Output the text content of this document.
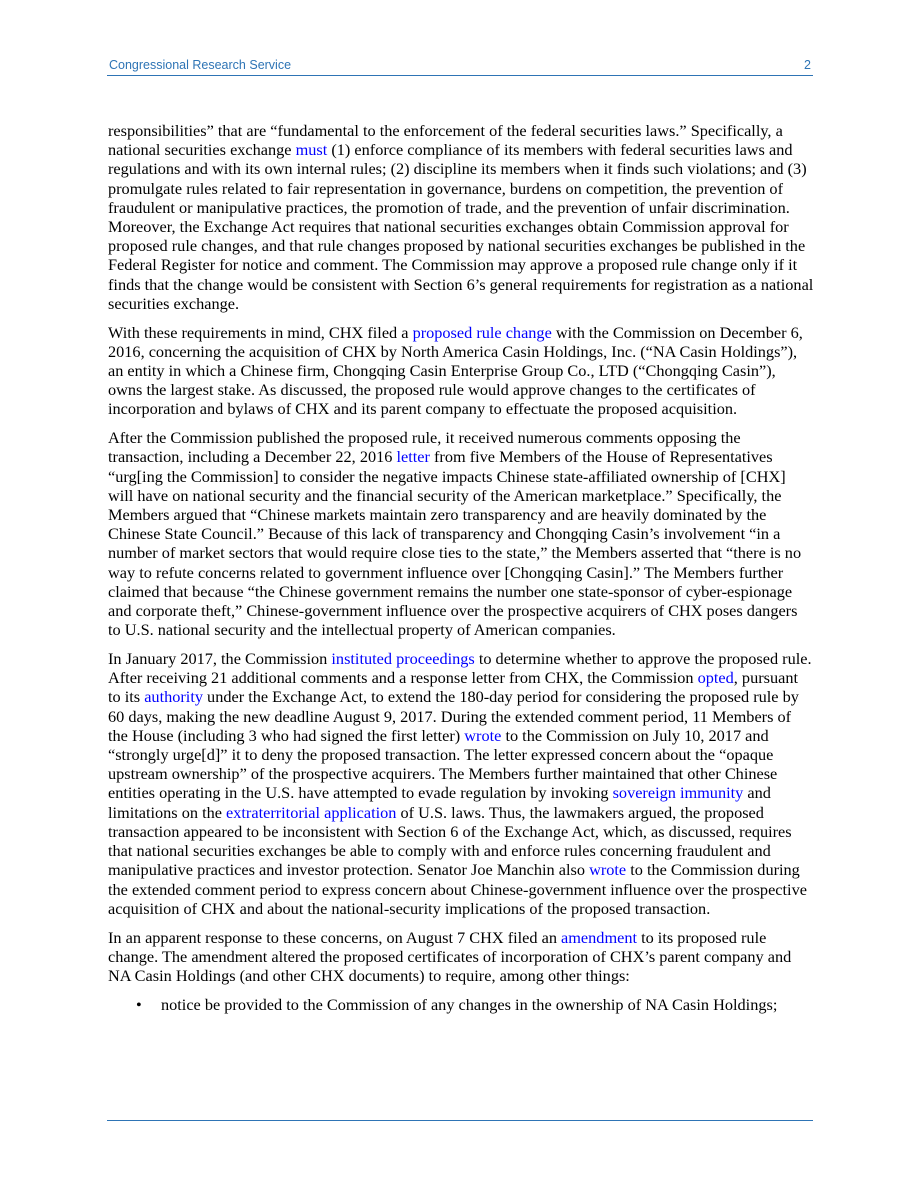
Congressional Research Service	2

responsibilities” that are “fundamental to the enforcement of the federal securities laws.” Specifically, a national securities exchange must (1) enforce compliance of its members with federal securities laws and regulations and with its own internal rules; (2) discipline its members when it finds such violations; and (3) promulgate rules related to fair representation in governance, burdens on competition, the prevention of fraudulent or manipulative practices, the promotion of trade, and the prevention of unfair discrimination. Moreover, the Exchange Act requires that national securities exchanges obtain Commission approval for proposed rule changes, and that rule changes proposed by national securities exchanges be published in the Federal Register for notice and comment. The Commission may approve a proposed rule change only if it finds that the change would be consistent with Section 6’s general requirements for registration as a national securities exchange.

With these requirements in mind, CHX filed a proposed rule change with the Commission on December 6, 2016, concerning the acquisition of CHX by North America Casin Holdings, Inc. (“NA Casin Holdings”), an entity in which a Chinese firm, Chongqing Casin Enterprise Group Co., LTD (“Chongqing Casin”), owns the largest stake. As discussed, the proposed rule would approve changes to the certificates of incorporation and bylaws of CHX and its parent company to effectuate the proposed acquisition.

After the Commission published the proposed rule, it received numerous comments opposing the transaction, including a December 22, 2016 letter from five Members of the House of Representatives “urg[ing the Commission] to consider the negative impacts Chinese state-affiliated ownership of [CHX] will have on national security and the financial security of the American marketplace.” Specifically, the Members argued that “Chinese markets maintain zero transparency and are heavily dominated by the Chinese State Council.” Because of this lack of transparency and Chongqing Casin’s involvement “in a number of market sectors that would require close ties to the state,” the Members asserted that “there is no way to refute concerns related to government influence over [Chongqing Casin].” The Members further claimed that because “the Chinese government remains the number one state-sponsor of cyber-espionage and corporate theft,” Chinese-government influence over the prospective acquirers of CHX poses dangers to U.S. national security and the intellectual property of American companies.

In January 2017, the Commission instituted proceedings to determine whether to approve the proposed rule. After receiving 21 additional comments and a response letter from CHX, the Commission opted, pursuant to its authority under the Exchange Act, to extend the 180-day period for considering the proposed rule by 60 days, making the new deadline August 9, 2017. During the extended comment period, 11 Members of the House (including 3 who had signed the first letter) wrote to the Commission on July 10, 2017 and “strongly urge[d]” it to deny the proposed transaction. The letter expressed concern about the “opaque upstream ownership” of the prospective acquirers. The Members further maintained that other Chinese entities operating in the U.S. have attempted to evade regulation by invoking sovereign immunity and limitations on the extraterritorial application of U.S. laws. Thus, the lawmakers argued, the proposed transaction appeared to be inconsistent with Section 6 of the Exchange Act, which, as discussed, requires that national securities exchanges be able to comply with and enforce rules concerning fraudulent and manipulative practices and investor protection. Senator Joe Manchin also wrote to the Commission during the extended comment period to express concern about Chinese-government influence over the prospective acquisition of CHX and about the national-security implications of the proposed transaction.

In an apparent response to these concerns, on August 7 CHX filed an amendment to its proposed rule change. The amendment altered the proposed certificates of incorporation of CHX’s parent company and NA Casin Holdings (and other CHX documents) to require, among other things:

• notice be provided to the Commission of any changes in the ownership of NA Casin Holdings;
